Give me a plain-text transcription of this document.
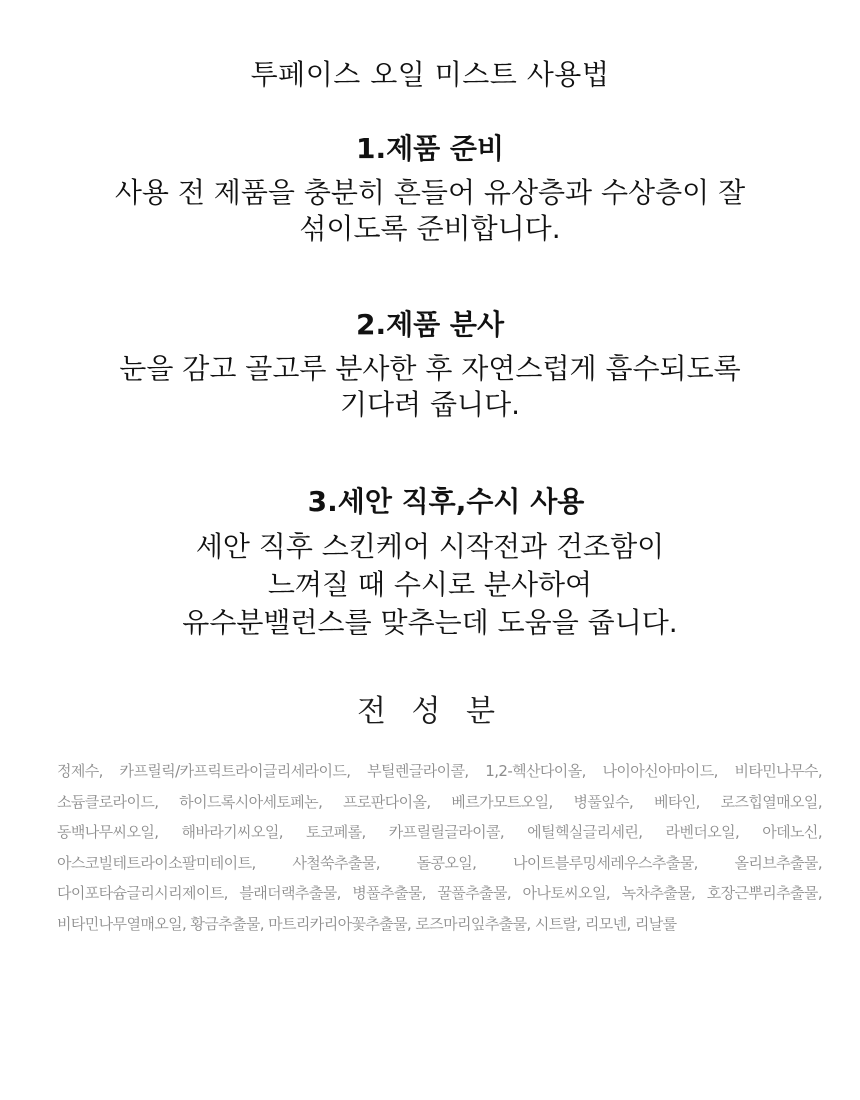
투페이스 오일 미스트 사용법
1.제품 준비
사용 전 제품을 충분히 흔들어 유상층과 수상층이 잘
섞이도록 준비합니다.
2.제품 분사
눈을 감고 골고루 분사한 후 자연스럽게 흡수되도록
기다려 줍니다.
3.세안 직후,수시 사용
세안 직후 스킨케어 시작전과 건조함이
느껴질 때 수시로 분사하여
유수분밸런스를 맞추는데 도움을 줍니다.
전 성 분
정제수, 카프릴릭/카프릭트라이글리세라이드, 부틸렌글라이콜, 1,2-헥산다이올, 나이아신아마이드, 비타민나무수, 소듐클로라이드, 하이드록시아세토페논, 프로판다이올, 베르가모트오일, 병풀잎수, 베타인, 로즈힙열매오일, 동백나무씨오일, 해바라기씨오일, 토코페롤, 카프릴릴글라이콜, 에틸헥실글리세린, 라벤더오일, 아데노신, 아스코빌테트라이소팔미테이트, 사철쑥추출물, 돌콩오일, 나이트블루밍세레우스추출물, 올리브추출물, 다이포타슘글리시리제이트, 블래더랙추출물, 병풀추출물, 꿀풀추출물, 아나토씨오일, 녹차추출물, 호장근뿌리추출물, 비타민나무열매오일, 황금추출물, 마트리카리아꽃추출물, 로즈마리잎추출물, 시트랄, 리모넨, 리날룰
